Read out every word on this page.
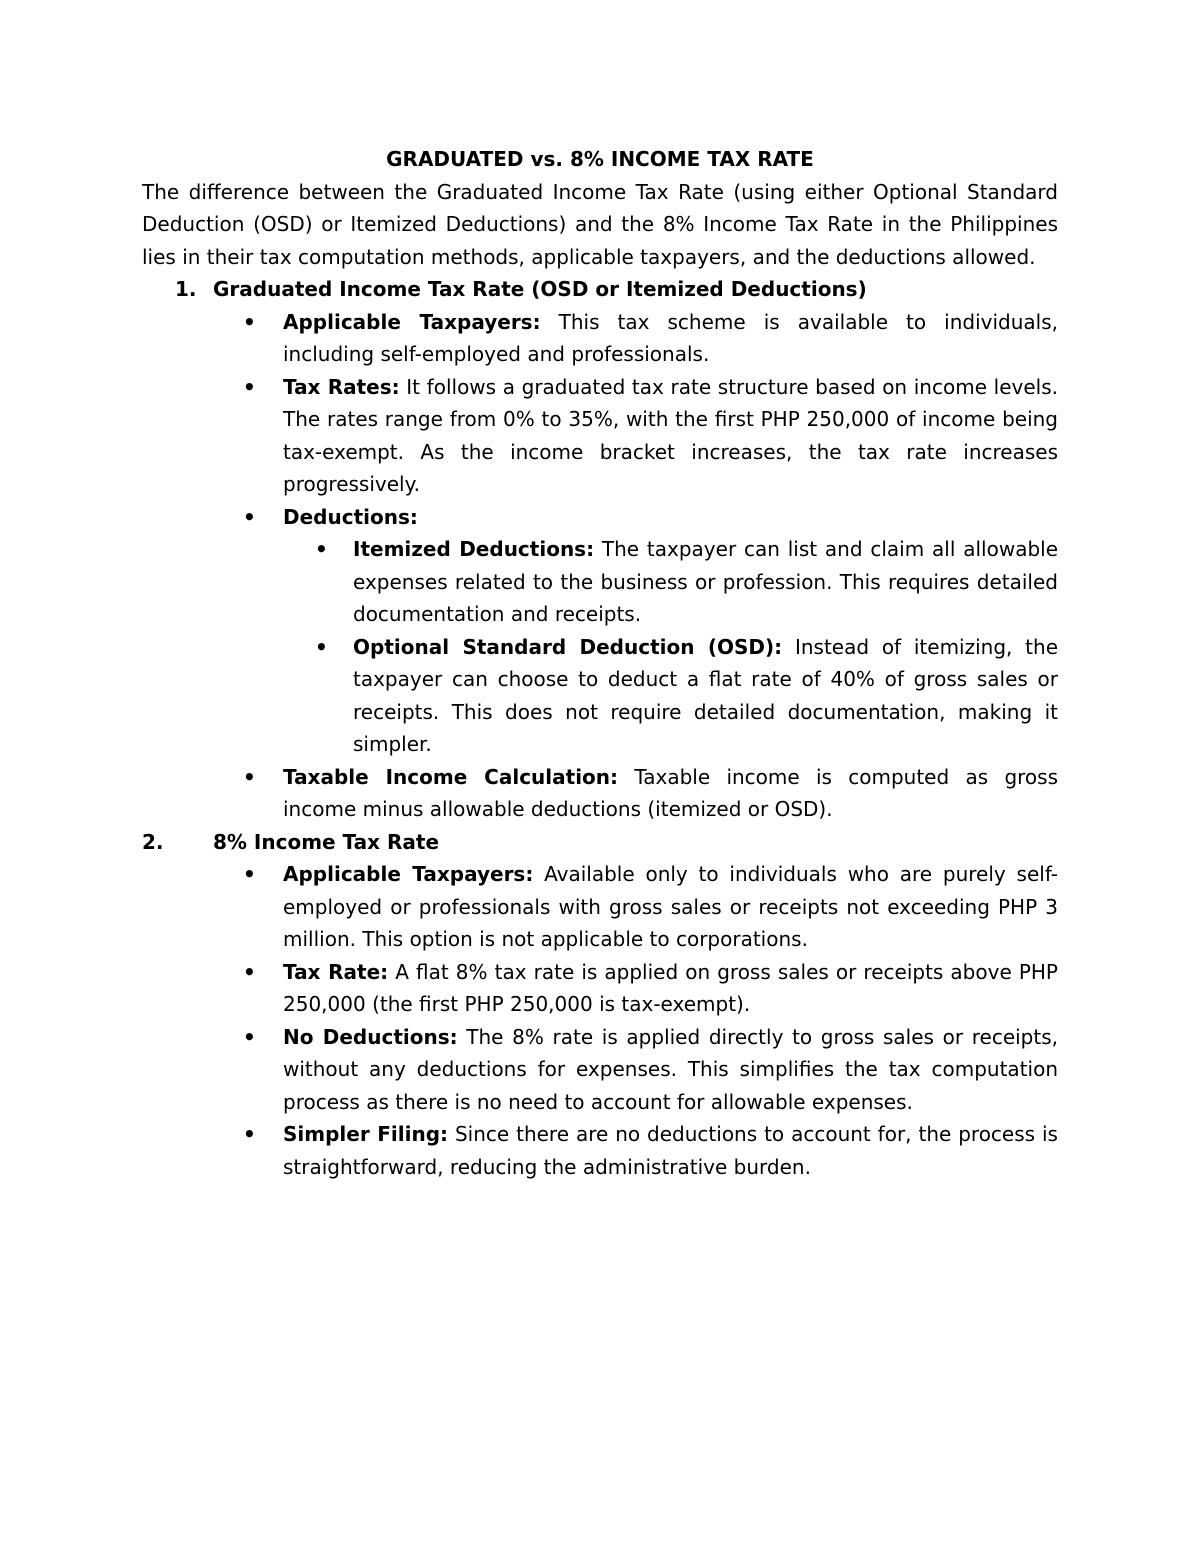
GRADUATED vs. 8% INCOME TAX RATE

The difference between the Graduated Income Tax Rate (using either Optional Standard Deduction (OSD) or Itemized Deductions) and the 8% Income Tax Rate in the Philippines lies in their tax computation methods, applicable taxpayers, and the deductions allowed.

1. Graduated Income Tax Rate (OSD or Itemized Deductions)
• Applicable Taxpayers: This tax scheme is available to individuals, including self-employed and professionals.
• Tax Rates: It follows a graduated tax rate structure based on income levels. The rates range from 0% to 35%, with the first PHP 250,000 of income being tax-exempt. As the income bracket increases, the tax rate increases progressively.
• Deductions:
• Itemized Deductions: The taxpayer can list and claim all allowable expenses related to the business or profession. This requires detailed documentation and receipts.
• Optional Standard Deduction (OSD): Instead of itemizing, the taxpayer can choose to deduct a flat rate of 40% of gross sales or receipts. This does not require detailed documentation, making it simpler.
• Taxable Income Calculation: Taxable income is computed as gross income minus allowable deductions (itemized or OSD).
2. 8% Income Tax Rate
• Applicable Taxpayers: Available only to individuals who are purely self-employed or professionals with gross sales or receipts not exceeding PHP 3 million. This option is not applicable to corporations.
• Tax Rate: A flat 8% tax rate is applied on gross sales or receipts above PHP 250,000 (the first PHP 250,000 is tax-exempt).
• No Deductions: The 8% rate is applied directly to gross sales or receipts, without any deductions for expenses. This simplifies the tax computation process as there is no need to account for allowable expenses.
• Simpler Filing: Since there are no deductions to account for, the process is straightforward, reducing the administrative burden.
